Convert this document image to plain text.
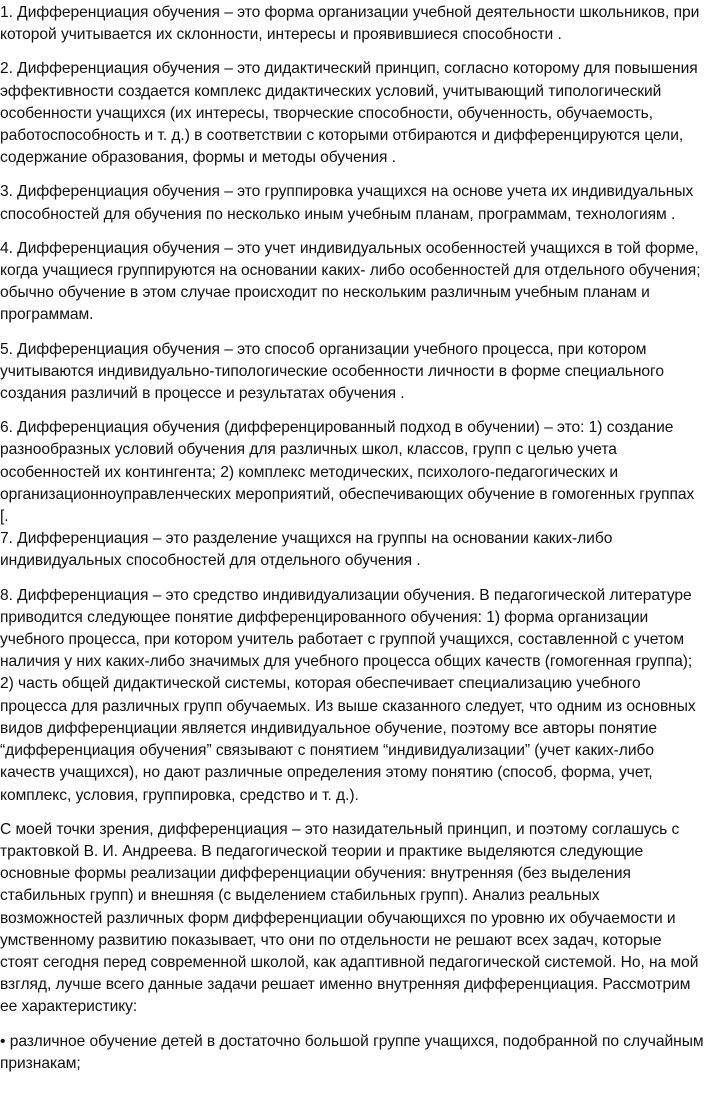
1. Дифференциация обучения – это форма организации учебной деятельности школьников, при которой учитывается их склонности, интересы и проявившиеся способности .

2. Дифференциация обучения – это дидактический принцип, согласно которому для повышения эффективности создается комплекс дидактических условий, учитывающий типологический особенности учащихся (их интересы, творческие способности, обученность, обучаемость, работоспособность и т. д.) в соответствии с которыми отбираются и дифференцируются цели, содержание образования, формы и методы обучения .

3. Дифференциация обучения – это группировка учащихся на основе учета их индивидуальных способностей для обучения по несколько иным учебным планам, программам, технологиям .

4. Дифференциация обучения – это учет индивидуальных особенностей учащихся в той форме, когда учащиеся группируются на основании каких- либо особенностей для отдельного обучения; обычно обучение в этом случае происходит по нескольким различным учебным планам и программам.

5. Дифференциация обучения – это способ организации учебного процесса, при котором учитываются индивидуально-типологические особенности личности в форме специального создания различий в процессе и результатах обучения .

6. Дифференциация обучения (дифференцированный подход в обучении) – это: 1) создание разнообразных условий обучения для различных школ, классов, групп с целью учета особенностей их контингента; 2) комплекс методических, психолого-педагогических и организационноуправленческих мероприятий, обеспечивающих обучение в гомогенных группах [.

7. Дифференциация – это разделение учащихся на группы на основании каких-либо индивидуальных способностей для отдельного обучения .

8. Дифференциация – это средство индивидуализации обучения. В педагогической литературе приводится следующее понятие дифференцированного обучения: 1) форма организации учебного процесса, при котором учитель работает с группой учащихся, составленной с учетом наличия у них каких-либо значимых для учебного процесса общих качеств (гомогенная группа); 2) часть общей дидактической системы, которая обеспечивает специализацию учебного процесса для различных групп обучаемых. Из выше сказанного следует, что одним из основных видов дифференциации является индивидуальное обучение, поэтому все авторы понятие “дифференциация обучения” связывают с понятием “индивидуализации” (учет каких-либо качеств учащихся), но дают различные определения этому понятию (способ, форма, учет, комплекс, условия, группировка, средство и т. д.).

С моей точки зрения, дифференциация – это назидательный принцип, и поэтому соглашусь с трактовкой В. И. Андреева. В педагогической теории и практике выделяются следующие основные формы реализации дифференциации обучения: внутренняя (без выделения стабильных групп) и внешняя (с выделением стабильных групп). Анализ реальных возможностей различных форм дифференциации обучающихся по уровню их обучаемости и умственному развитию показывает, что они по отдельности не решают всех задач, которые стоят сегодня перед современной школой, как адаптивной педагогической системой. Но, на мой взгляд, лучше всего данные задачи решает именно внутренняя дифференциация. Рассмотрим ее характеристику:

• различное обучение детей в достаточно большой группе учащихся, подобранной по случайным признакам;
